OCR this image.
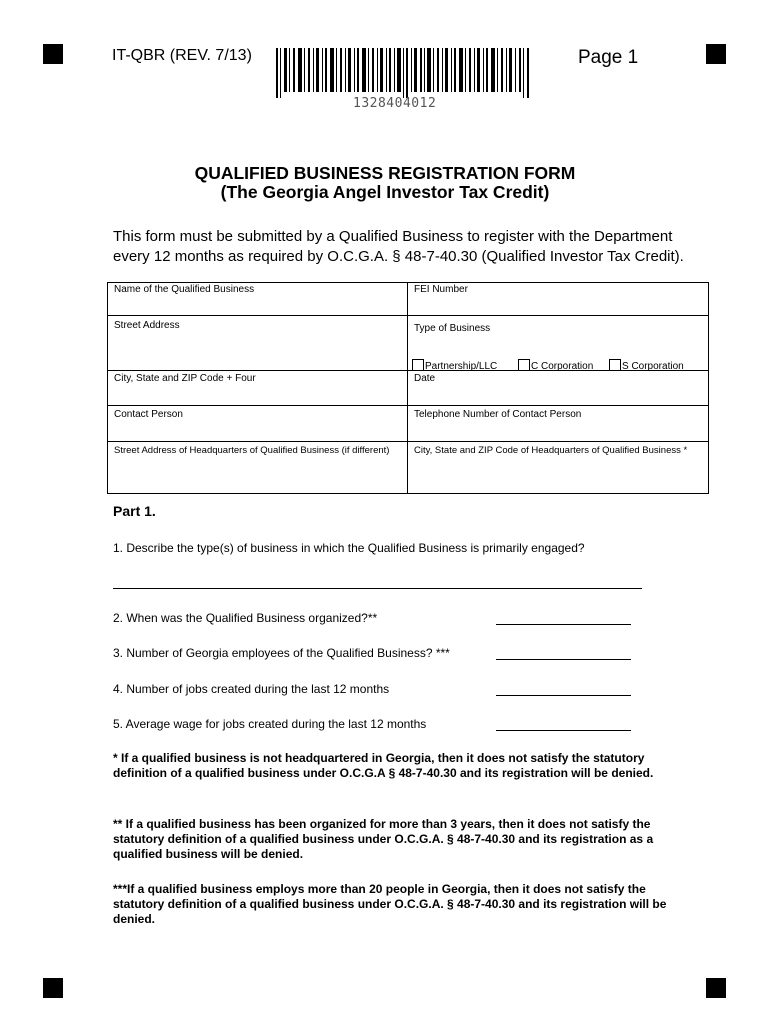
IT-QBR (REV. 7/13)	Page 1
1328404012
QUALIFIED BUSINESS REGISTRATION FORM
(The Georgia Angel Investor Tax Credit)
This form must be submitted by a Qualified Business to register with the Department every 12 months as required by O.C.G.A. § 48-7-40.30 (Qualified Investor Tax Credit).
Name of the Qualified Business	FEI Number
Street Address	Type of Business
Partnership/LLC	C Corporation	S Corporation
City, State and ZIP Code + Four	Date
Contact Person	Telephone Number of Contact Person
Street Address of Headquarters of Qualified Business (if different)	City, State and ZIP Code of Headquarters of Qualified Business *
Part 1.
1. Describe the type(s) of business in which the Qualified Business is primarily engaged?
2. When was the Qualified Business organized?**
3. Number of Georgia employees of the Qualified Business? ***
4. Number of jobs created during the last 12 months
5. Average wage for jobs created during the last 12 months
* If a qualified business is not headquartered in Georgia, then it does not satisfy the statutory definition of a qualified business under O.C.G.A § 48-7-40.30 and its registration will be denied.
** If a qualified business has been organized for more than 3 years, then it does not satisfy the statutory definition of a qualified business under O.C.G.A. § 48-7-40.30 and its registration as a qualified business will be denied.
***If a qualified business employs more than 20 people in Georgia, then it does not satisfy the statutory definition of a qualified business under O.C.G.A. § 48-7-40.30 and its registration will be denied.
